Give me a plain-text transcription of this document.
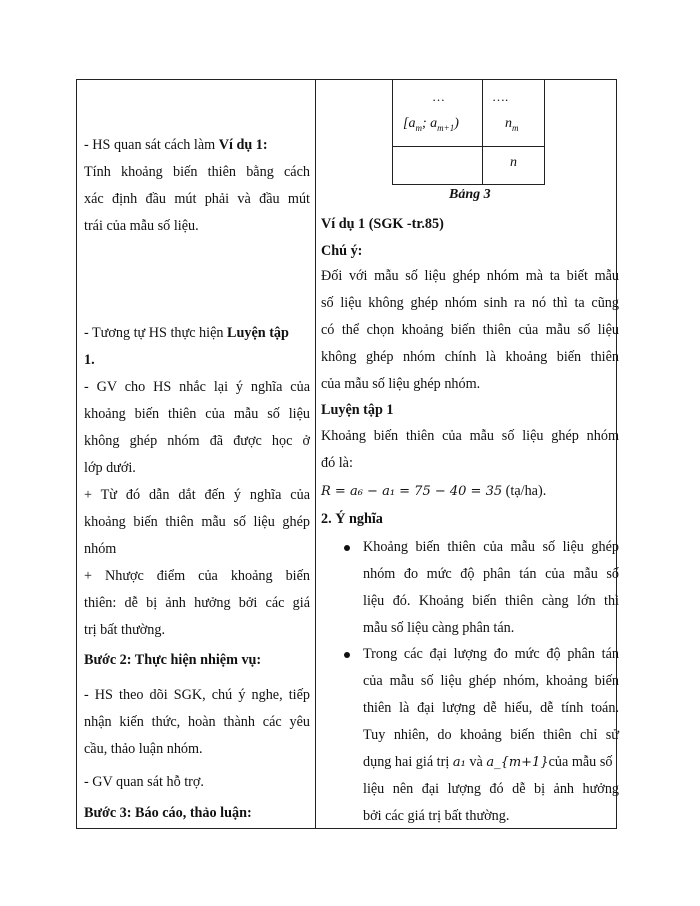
…	….
[$a_m$; $a_{m+1}$)	$n_m$
n
Bảng 3
- HS quan sát cách làm Ví dụ 1:
Tính khoảng biến thiên bằng cách
xác định đầu mút phải và đầu mút
trái của mẫu số liệu.
- Tương tự HS thực hiện Luyện tập
1.
- GV cho HS nhắc lại ý nghĩa của
khoảng biến thiên của mẫu số liệu
không ghép nhóm đã được học ở
lớp dưới.
+ Từ đó dẫn dắt đến ý nghĩa của
khoảng biến thiên mẫu số liệu ghép
nhóm
+ Nhược điểm của khoảng biến
thiên: dễ bị ảnh hưởng bởi các giá
trị bất thường.
Bước 2: Thực hiện nhiệm vụ:
- HS theo dõi SGK, chú ý nghe, tiếp
nhận kiến thức, hoàn thành các yêu
cầu, thảo luận nhóm.
- GV quan sát hỗ trợ.
Bước 3: Báo cáo, thảo luận:
Ví dụ 1 (SGK -tr.85)
Chú ý:
Đối với mẫu số liệu ghép nhóm mà ta biết mẫu
số liệu không ghép nhóm sinh ra nó thì ta cũng
có thể chọn khoảng biến thiên của mẫu số liệu
không ghép nhóm chính là khoảng biến thiên
của mẫu số liệu ghép nhóm.
Luyện tập 1
Khoảng biến thiên của mẫu số liệu ghép nhóm
đó là:
R = a₆ − a₁ = 75 − 40 = 35 (tạ/ha).
2. Ý nghĩa
Khoảng biến thiên của mẫu số liệu ghép
nhóm đo mức độ phân tán của mẫu số
liệu đó. Khoảng biến thiên càng lớn thì
mẫu số liệu càng phân tán.
Trong các đại lượng đo mức độ phân tán
của mẫu số liệu ghép nhóm, khoảng biến
thiên là đại lượng dễ hiểu, dễ tính toán.
Tuy nhiên, do khoảng biến thiên chỉ sử
dụng hai giá trị a₁ và a_{m+1}của mẫu số
liệu nên đại lượng đó dễ bị ảnh hưởng
bởi các giá trị bất thường.
